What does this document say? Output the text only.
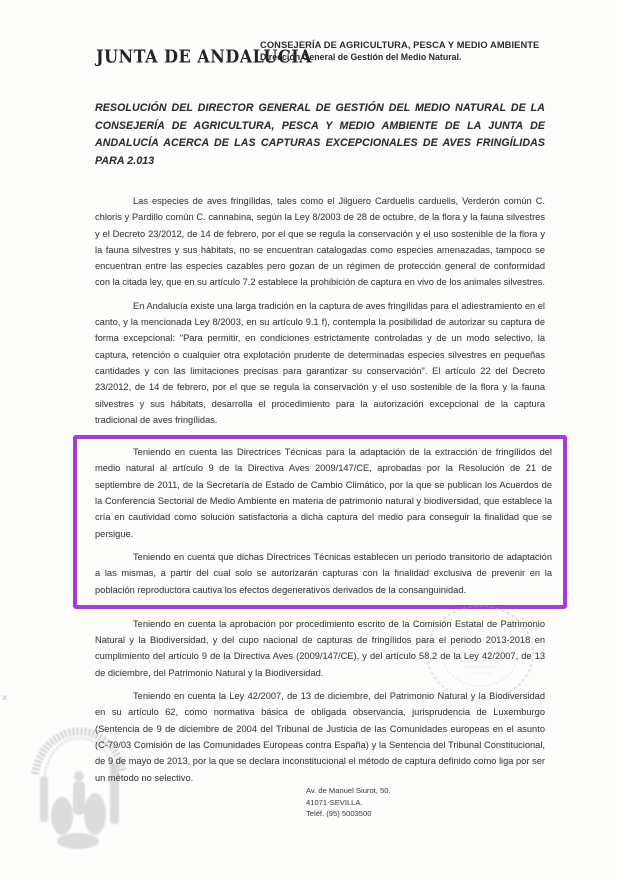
JUNTA DE ANDALUCIA
CONSEJERÍA DE AGRICULTURA, PESCA Y MEDIO AMBIENTE
Dirección General de Gestión del Medio Natural.
✕

RESOLUCIÓN DEL DIRECTOR GENERAL DE GESTIÓN DEL MEDIO NATURAL DE LA CONSEJERÍA DE AGRICULTURA, PESCA Y MEDIO AMBIENTE DE LA JUNTA DE ANDALUCÍA ACERCA DE LAS CAPTURAS EXCEPCIONALES DE AVES FRINGÍLIDAS PARA 2.013

Las especies de aves fringílidas, tales como el Jilguero Carduelis carduelis, Verderón común C. chloris y Pardillo común C. cannabina, según la Ley 8/2003 de 28 de octubre, de la flora y la fauna silvestres y el Decreto 23/2012, de 14 de febrero, por el que se regula la conservación y el uso sostenible de la flora y la fauna silvestres y sus hábitats, no se encuentran catalogadas como especies amenazadas, tampoco se encuentran entre las especies cazables pero gozan de un régimen de protección general de conformidad con la citada ley, que en su artículo 7.2 establece la prohibición de captura en vivo de los animales silvestres.

En Andalucía existe una larga tradición en la captura de aves fringílidas para el adiestramiento en el canto, y la mencionada Ley 8/2003, en su artículo 9.1 f), contempla la posibilidad de autorizar su captura de forma excepcional: "Para permitir, en condiciones estrictamente controladas y de un modo selectivo, la captura, retención o cualquier otra explotación prudente de determinadas especies silvestres en pequeñas cantidades y con las limitaciones precisas para garantizar su conservación". El artículo 22 del Decreto 23/2012, de 14 de febrero, por el que se regula la conservación y el uso sostenible de la flora y la fauna silvestres y sus hábitats, desarrolla el procedimiento para la autorización excepcional de la captura tradicional de aves fringílidas.

Teniendo en cuenta las Directrices Técnicas para la adaptación de la extracción de fringílidos del medio natural al artículo 9 de la Directiva Aves 2009/147/CE, aprobadas por la Resolución de 21 de septiembre de 2011, de la Secretaría de Estado de Cambio Climático, por la que se publican los Acuerdos de la Conferencia Sectorial de Medio Ambiente en materia de patrimonio natural y biodiversidad, que establece la cría en cautividad como solución satisfactoria a dicha captura del medio para conseguir la finalidad que se persigue.

Teniendo en cuenta que dichas Directrices Técnicas establecen un periodo transitorio de adaptación a las mismas, a partir del cual solo se autorizarán capturas con la finalidad exclusiva de prevenir en la población reproductora cautiva los efectos degenerativos derivados de la consanguinidad.

Teniendo en cuenta la aprobación por procedimiento escrito de la Comisión Estatal de Patrimonio Natural y la Biodiversidad, y del cupo nacional de capturas de fringílidos para el periodo 2013-2018 en cumplimiento del artículo 9 de la Directiva Aves (2009/147/CE), y del artículo 58.2 de la Ley 42/2007, de 13 de diciembre, del Patrimonio Natural y la Biodiversidad.

Teniendo en cuenta la Ley 42/2007, de 13 de diciembre, del Patrimonio Natural y la Biodiversidad en su artículo 62, como normativa básica de obligada observancia, jurisprudencia de Luxemburgo (Sentencia de 9 de diciembre de 2004 del Tribunal de Justicia de las Comunidades europeas en el asunto (C-79/03 Comisión de las Comunidades Europeas contra España) y la Sentencia del Tribunal Constitucional, de 9 de mayo de 2013, por la que se declara inconstitucional el método de captura definido como liga por ser un método no selectivo.

Av. de Manuel Siurot, 50.
41071-SEVILLA.
Teléf. (95) 5003500
